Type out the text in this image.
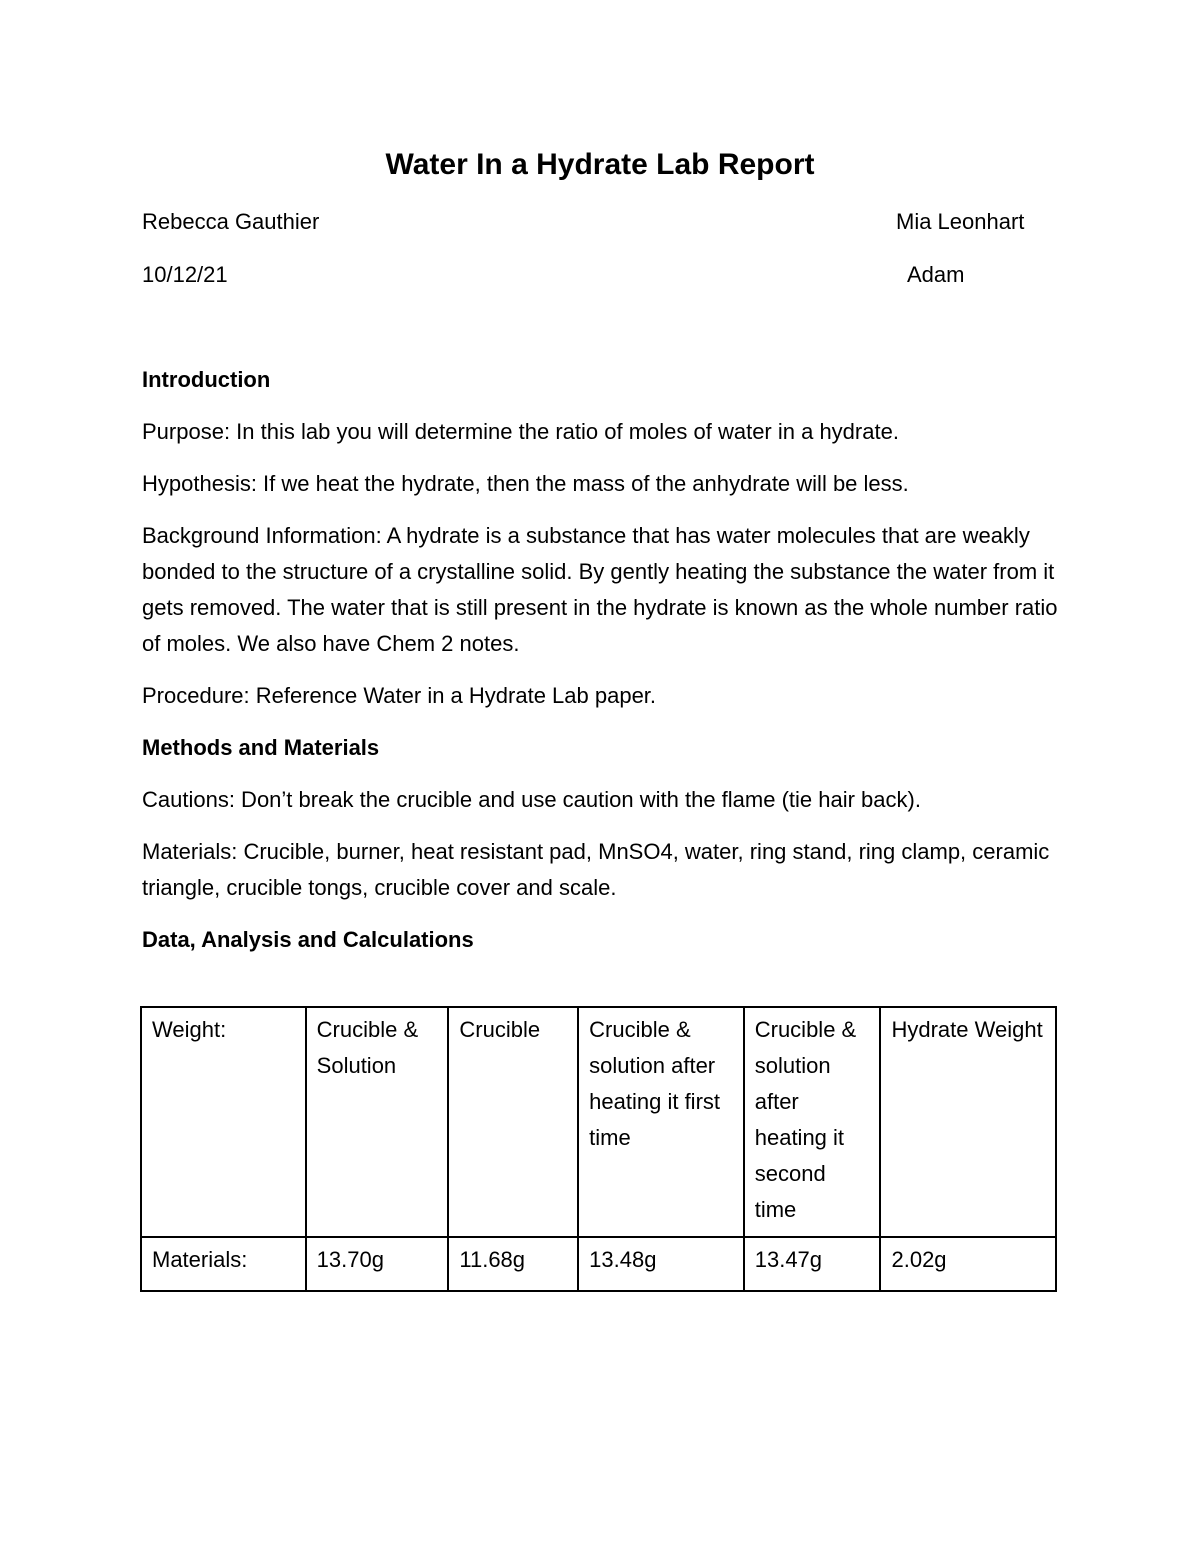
Water In a Hydrate Lab Report
Rebecca Gauthier	Mia Leonhart
10/12/21	Adam

Introduction

Purpose: In this lab you will determine the ratio of moles of water in a hydrate.

Hypothesis: If we heat the hydrate, then the mass of the anhydrate will be less.

Background Information: A hydrate is a substance that has water molecules that are weakly bonded to the structure of a crystalline solid. By gently heating the substance the water from it gets removed. The water that is still present in the hydrate is known as the whole number ratio of moles. We also have Chem 2 notes.

Procedure: Reference Water in a Hydrate Lab paper.

Methods and Materials

Cautions: Don’t break the crucible and use caution with the flame (tie hair back).

Materials: Crucible, burner, heat resistant pad, MnSO4, water, ring stand, ring clamp, ceramic triangle, crucible tongs, crucible cover and scale.

Data, Analysis and Calculations

Weight:	Crucible & Solution	Crucible	Crucible & solution after heating it first time	Crucible & solution after heating it second time	Hydrate Weight
Materials:	13.70g	11.68g	13.48g	13.47g	2.02g
